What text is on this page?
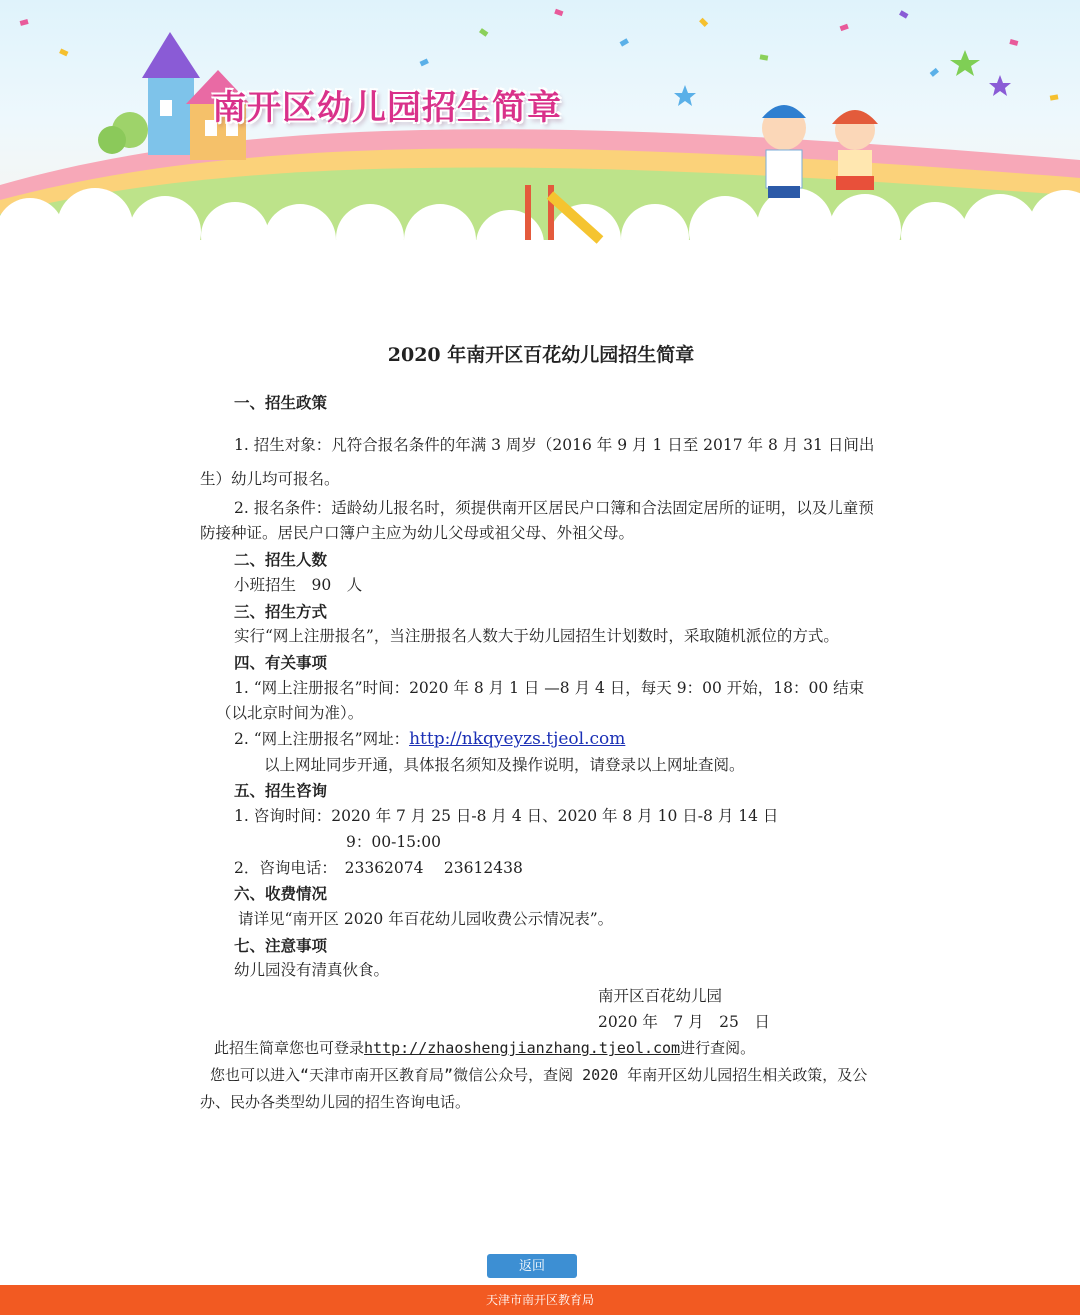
南开区幼儿园招生简章
2020 年南开区百花幼儿园招生简章
一、招生政策
1. 招生对象：凡符合报名条件的年满 3 周岁（2016 年 9 月 1 日至 2017 年 8 月 31 日间出生）幼儿均可报名。
2. 报名条件：适龄幼儿报名时，须提供南开区居民户口簿和合法固定居所的证明，以及儿童预防接种证。居民户口簿户主应为幼儿父母或祖父母、外祖父母。
二、招生人数
小班招生　90　人
三、招生方式
实行“网上注册报名”，当注册报名人数大于幼儿园招生计划数时，采取随机派位的方式。
四、有关事项
1. “网上注册报名”时间：2020 年 8 月 1 日 —8 月 4 日，每天 9：00 开始，18：00 结束（以北京时间为准）。
2. “网上注册报名”网址：http://nkqyeyzs.tjeol.com
以上网址同步开通，具体报名须知及操作说明，请登录以上网址查阅。
五、招生咨询
1. 咨询时间：2020 年 7 月 25 日-8 月 4 日、2020 年 8 月 10 日-8 月 14 日
9：00-15:00
2．咨询电话：　23362074　 23612438
六、收费情况
请详见“南开区 2020 年百花幼儿园收费公示情况表”。
七、注意事项
幼儿园没有清真伙食。
南开区百花幼儿园
2020 年　7 月　25　日
此招生简章您也可登录http://zhaoshengjianzhang.tjeol.com进行查阅。
您也可以进入“天津市南开区教育局”微信公众号，查阅 2020 年南开区幼儿园招生相关政策，及公办、民办各类型幼儿园的招生咨询电话。
返回
天津市南开区教育局
